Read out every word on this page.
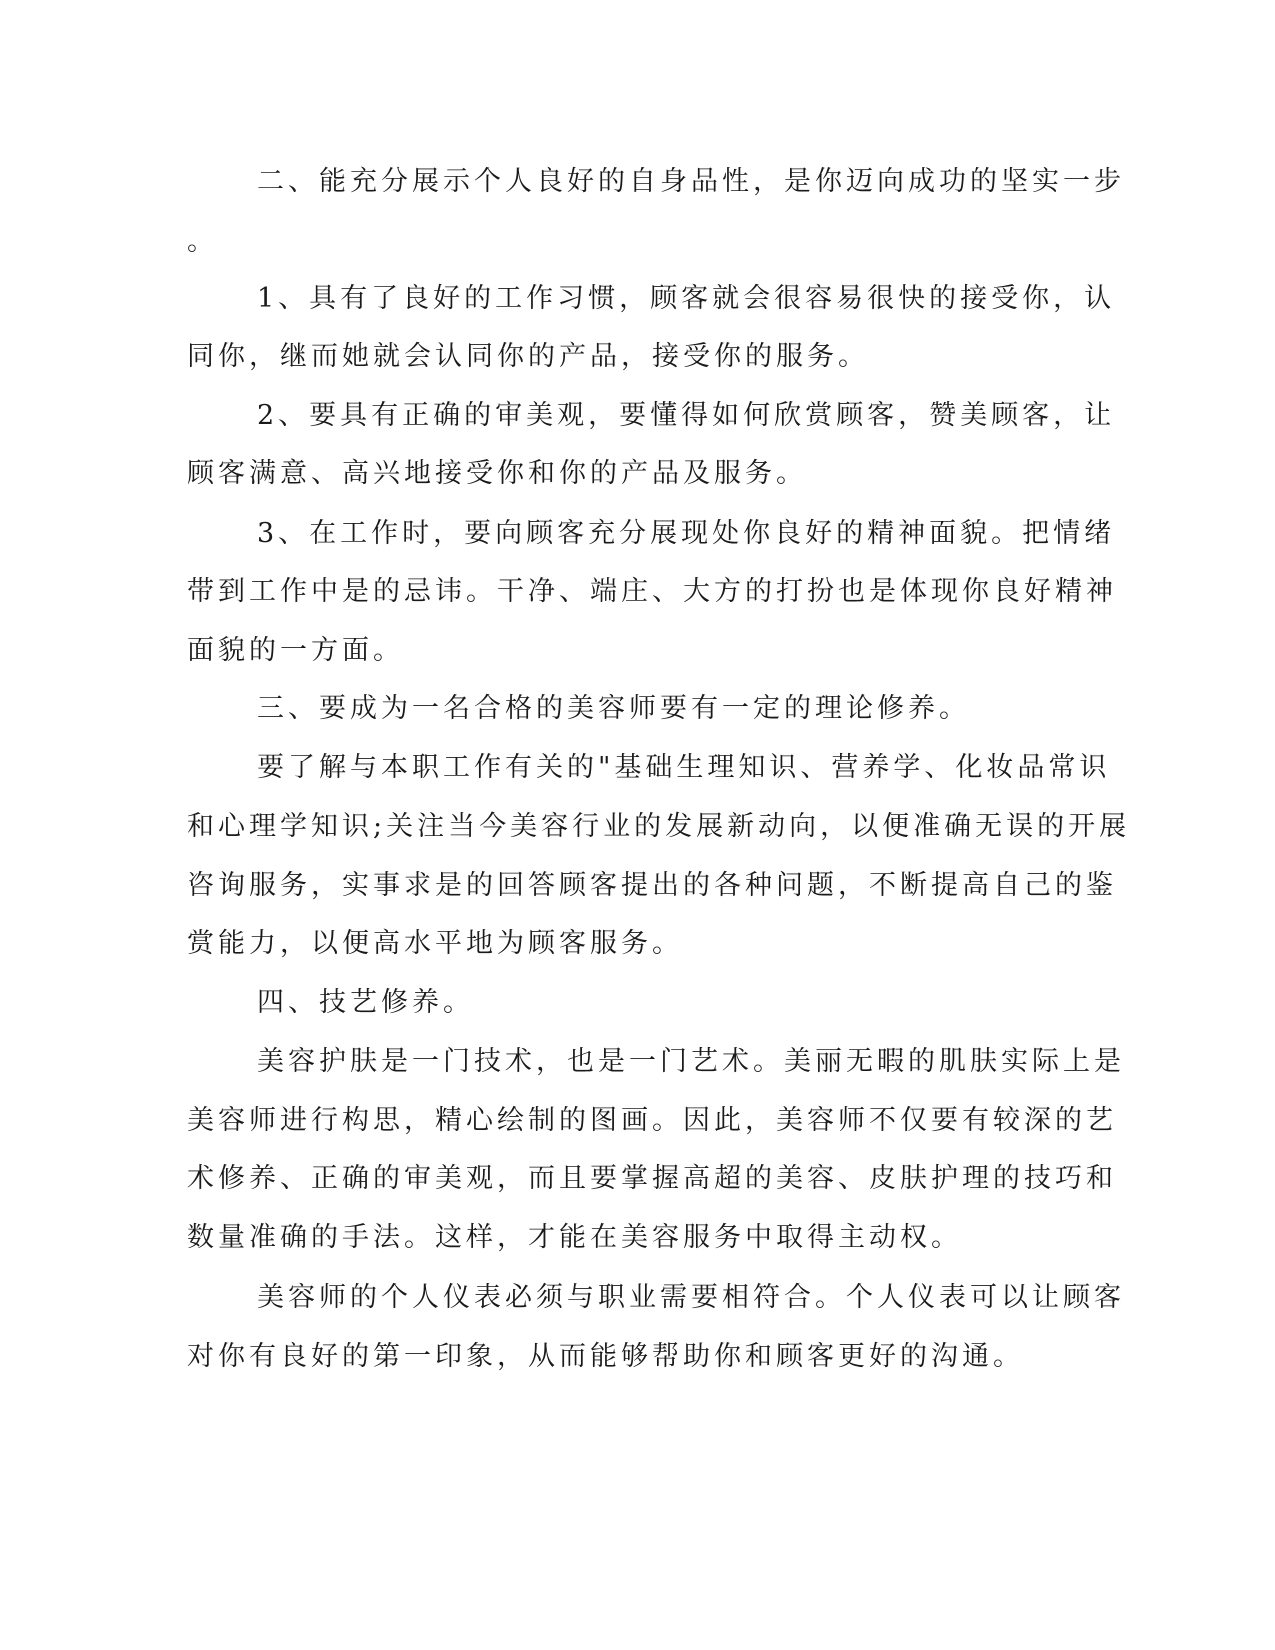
二、能充分展示个人良好的自身品性，是你迈向成功的坚实一步
。
1、具有了良好的工作习惯，顾客就会很容易很快的接受你，认
同你，继而她就会认同你的产品，接受你的服务。
2、要具有正确的审美观，要懂得如何欣赏顾客，赞美顾客，让
顾客满意、高兴地接受你和你的产品及服务。
3、在工作时，要向顾客充分展现处你良好的精神面貌。把情绪
带到工作中是的忌讳。干净、端庄、大方的打扮也是体现你良好精神
面貌的一方面。
三、要成为一名合格的美容师要有一定的理论修养。
要了解与本职工作有关的"基础生理知识、营养学、化妆品常识
和心理学知识;关注当今美容行业的发展新动向，以便准确无误的开展
咨询服务，实事求是的回答顾客提出的各种问题，不断提高自己的鉴
赏能力，以便高水平地为顾客服务。
四、技艺修养。
美容护肤是一门技术，也是一门艺术。美丽无暇的肌肤实际上是
美容师进行构思，精心绘制的图画。因此，美容师不仅要有较深的艺
术修养、正确的审美观，而且要掌握高超的美容、皮肤护理的技巧和
数量准确的手法。这样，才能在美容服务中取得主动权。
美容师的个人仪表必须与职业需要相符合。个人仪表可以让顾客
对你有良好的第一印象，从而能够帮助你和顾客更好的沟通。
